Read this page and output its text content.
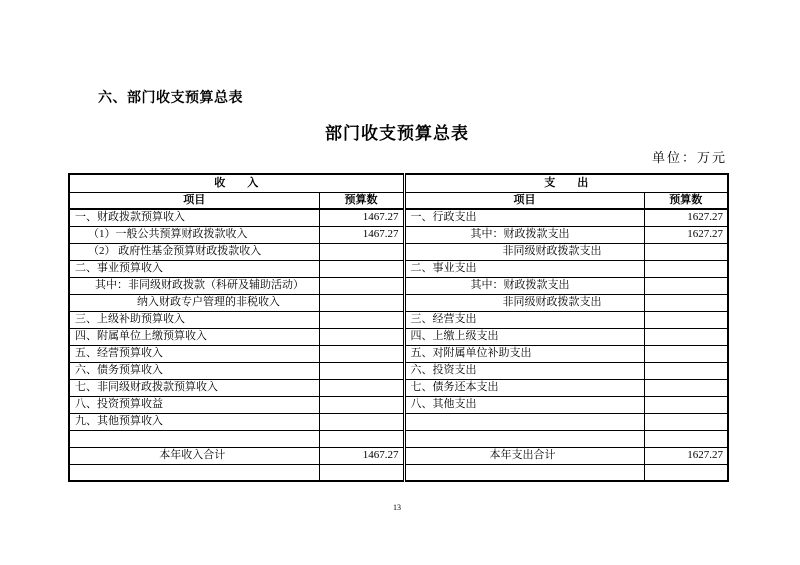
六、部门收支预算总表
部门收支预算总表
单位：万元
收　　入		支　　出	
项目	预算数	项目	预算数
一、财政拨款预算收入	1467.27	一、行政支出	1627.27
（1）一般公共预算财政拨款收入	1467.27	其中：财政拨款支出	1627.27
（2） 政府性基金预算财政拨款收入		非同级财政拨款支出	
二、事业预算收入		二、事业支出	
其中：非同级财政拨款（科研及辅助活动）		其中：财政拨款支出	
纳入财政专户管理的非税收入		非同级财政拨款支出	
三、上级补助预算收入		三、经营支出	
四、附属单位上缴预算收入		四、上缴上级支出	
五、经营预算收入		五、对附属单位补助支出	
六、债务预算收入		六、投资支出	
七、非同级财政拨款预算收入		七、债务还本支出	
八、投资预算收益		八、其他支出	
九、其他预算收入			

本年收入合计	1467.27	本年支出合计	1627.27

13
